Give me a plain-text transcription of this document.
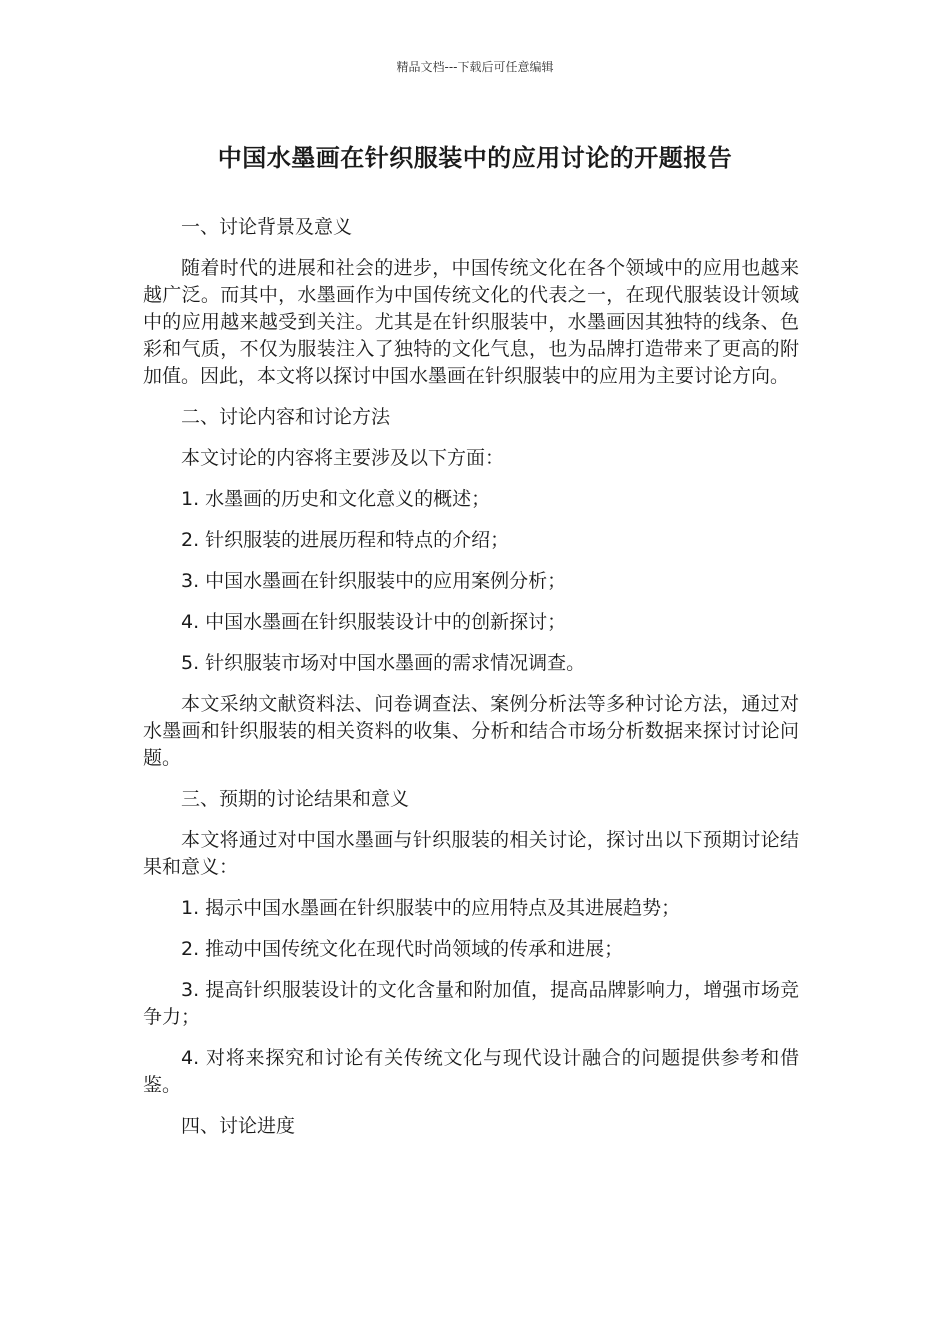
精品文档---下载后可任意编辑
中国水墨画在针织服装中的应用讨论的开题报告

一、讨论背景及意义

随着时代的进展和社会的进步，中国传统文化在各个领域中的应用也越来越广泛。而其中，水墨画作为中国传统文化的代表之一，在现代服装设计领域中的应用越来越受到关注。尤其是在针织服装中，水墨画因其独特的线条、色彩和气质，不仅为服装注入了独特的文化气息，也为品牌打造带来了更高的附加值。因此，本文将以探讨中国水墨画在针织服装中的应用为主要讨论方向。

二、讨论内容和讨论方法

本文讨论的内容将主要涉及以下方面：

1. 水墨画的历史和文化意义的概述；

2. 针织服装的进展历程和特点的介绍；

3. 中国水墨画在针织服装中的应用案例分析；

4. 中国水墨画在针织服装设计中的创新探讨；

5. 针织服装市场对中国水墨画的需求情况调查。

本文采纳文献资料法、问卷调查法、案例分析法等多种讨论方法，通过对水墨画和针织服装的相关资料的收集、分析和结合市场分析数据来探讨讨论问题。

三、预期的讨论结果和意义

本文将通过对中国水墨画与针织服装的相关讨论，探讨出以下预期讨论结果和意义：

1. 揭示中国水墨画在针织服装中的应用特点及其进展趋势；

2. 推动中国传统文化在现代时尚领域的传承和进展；

3. 提高针织服装设计的文化含量和附加值，提高品牌影响力，增强市场竞争力；

4. 对将来探究和讨论有关传统文化与现代设计融合的问题提供参考和借鉴。

四、讨论进度
